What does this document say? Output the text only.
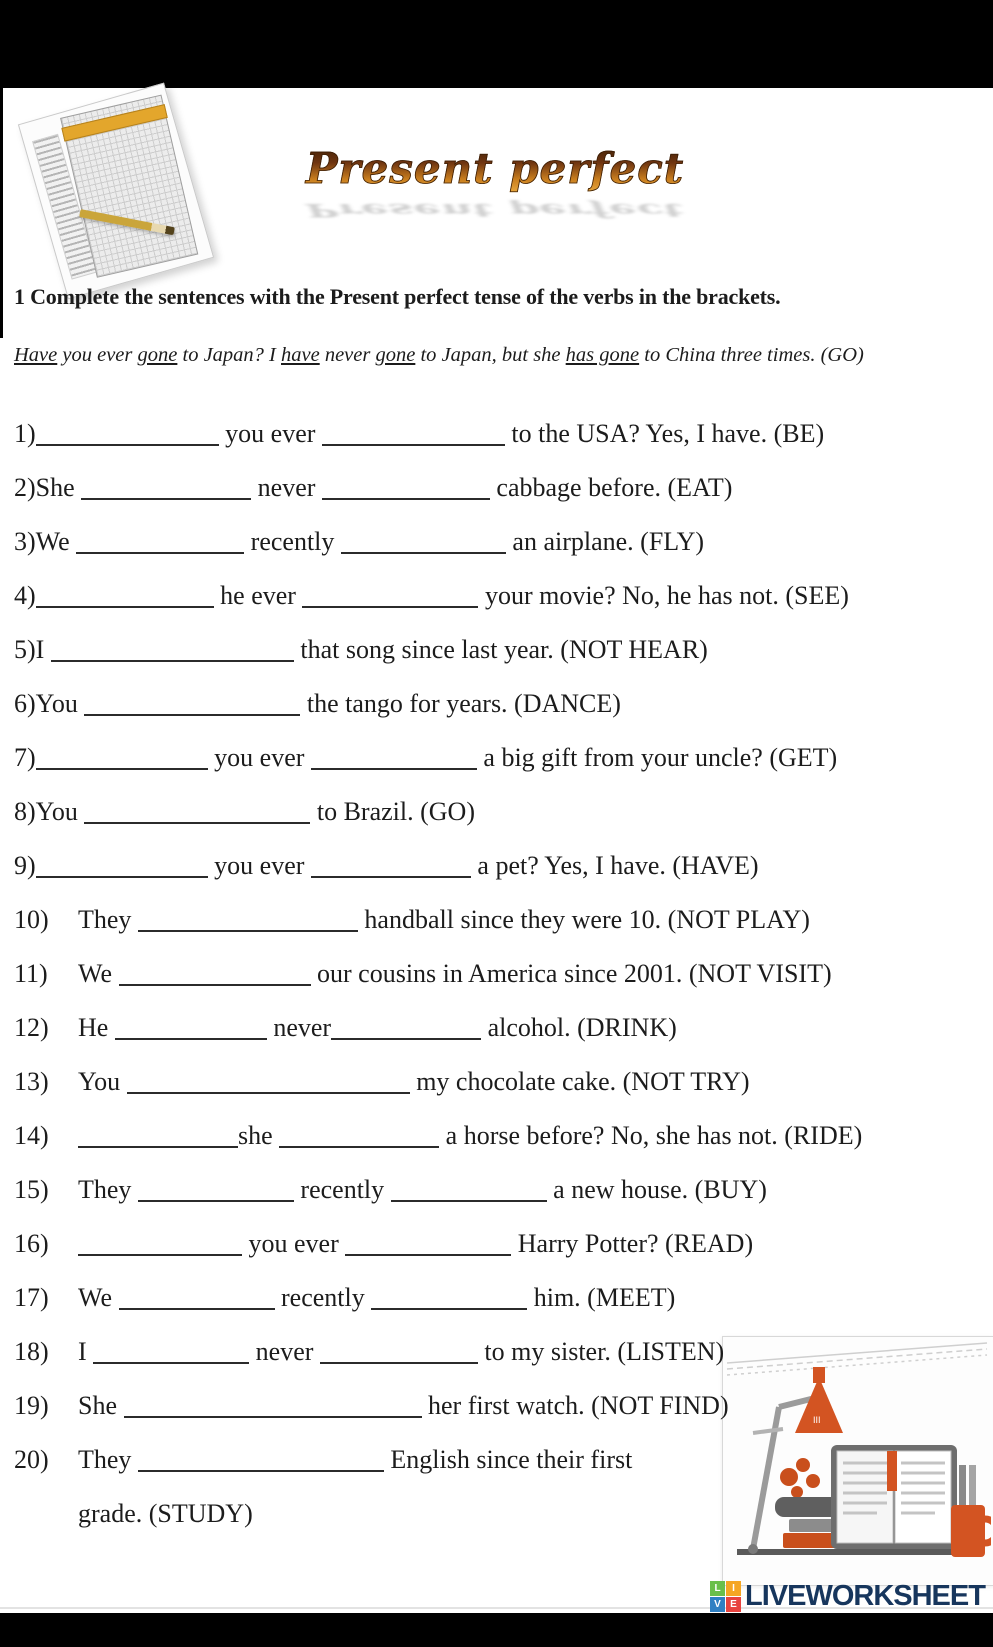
Present perfect
Present perfect
1 Complete the sentences with the Present perfect tense of the verbs in the brackets.
Have you ever gone to Japan? I have never gone to Japan, but she has gone to China three times. (GO)
1)	you ever	to the USA? Yes, I have. (BE)
2)She	never	cabbage before. (EAT)
3)We	recently	an airplane. (FLY)
4)	he ever	your movie? No, he has not. (SEE)
5)I	that song since last year. (NOT HEAR)
6)You	the tango for years. (DANCE)
7)	you ever	a big gift from your uncle? (GET)
8)You	to Brazil. (GO)
9)	you ever	a pet? Yes, I have. (HAVE)
10) They	handball since they were 10. (NOT PLAY)
11) We	our cousins in America since 2001. (NOT VISIT)
12) He	never	alcohol. (DRINK)
13) You	my chocolate cake. (NOT TRY)
14)	she	a horse before? No, she has not. (RIDE)
15) They	recently	a new house. (BUY)
16)	you ever	Harry Potter? (READ)
17) We	recently	him. (MEET)
18) I	never	to my sister. (LISTEN)
19) She	her first watch. (NOT FIND)
20) They	English since their first
grade. (STUDY)
III
L	I
V E LIVEWORKSHEET
